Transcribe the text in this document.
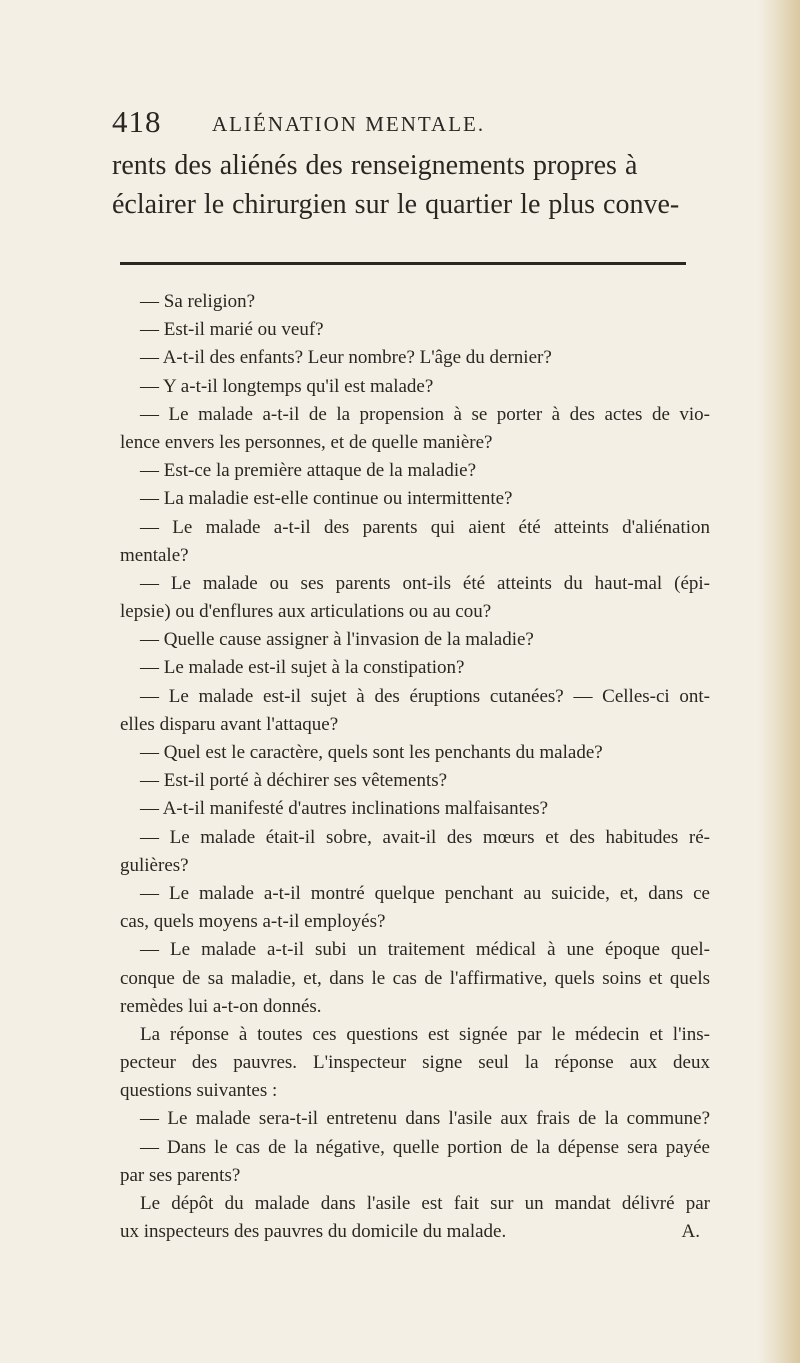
418 ALIÉNATION MENTALE.
rents des aliénés des renseignements propres à
éclairer le chirurgien sur le quartier le plus conve-
— Sa religion?
— Est-il marié ou veuf?
— A-t-il des enfants? Leur nombre? L'âge du dernier?
— Y a-t-il longtemps qu'il est malade?
— Le malade a-t-il de la propension à se porter à des actes de vio-
lence envers les personnes, et de quelle manière?
— Est-ce la première attaque de la maladie?
— La maladie est-elle continue ou intermittente?
— Le malade a-t-il des parents qui aient été atteints d'aliénation
mentale?
— Le malade ou ses parents ont-ils été atteints du haut-mal (épi-
lepsie) ou d'enflures aux articulations ou au cou?
— Quelle cause assigner à l'invasion de la maladie?
— Le malade est-il sujet à la constipation?
— Le malade est-il sujet à des éruptions cutanées? — Celles-ci ont-
elles disparu avant l'attaque?
— Quel est le caractère, quels sont les penchants du malade?
— Est-il porté à déchirer ses vêtements?
— A-t-il manifesté d'autres inclinations malfaisantes?
— Le malade était-il sobre, avait-il des mœurs et des habitudes ré-
gulières?
— Le malade a-t-il montré quelque penchant au suicide, et, dans ce
cas, quels moyens a-t-il employés?
— Le malade a-t-il subi un traitement médical à une époque quel-
conque de sa maladie, et, dans le cas de l'affirmative, quels soins et quels
remèdes lui a-t-on donnés.
La réponse à toutes ces questions est signée par le médecin et l'ins-
pecteur des pauvres. L'inspecteur signe seul la réponse aux deux
questions suivantes :
— Le malade sera-t-il entretenu dans l'asile aux frais de la commune?
— Dans le cas de la négative, quelle portion de la dépense sera payée
par ses parents?
Le dépôt du malade dans l'asile est fait sur un mandat délivré par
ux inspecteurs des pauvres du domicile du malade.	A.
